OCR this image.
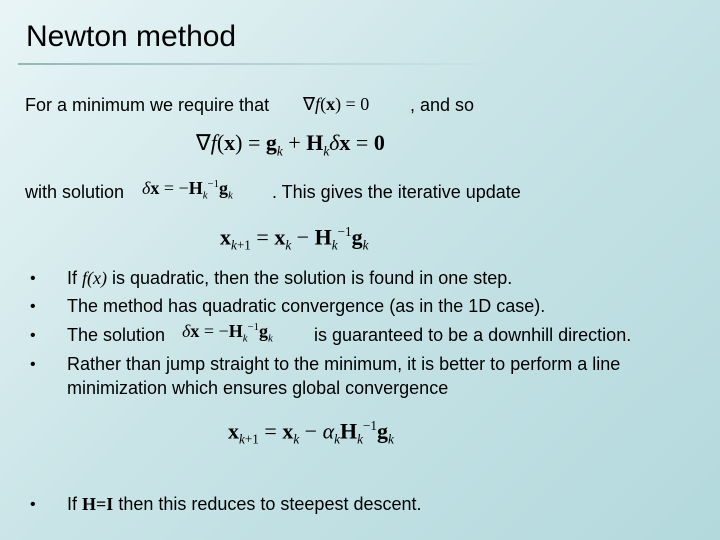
Newton method
For a minimum we require that ∇f(x) = 0 , and so
$\nabla f(x) = g_k + H_k\delta x = 0$
with solution $\delta x = -H_k^{-1}g_k$ . This gives the iterative update
$x_{k+1} = x_k - H_k^{-1}g_k$
• If f(x) is quadratic, then the solution is found in one step.
• The method has quadratic convergence (as in the 1D case).
• The solution $\delta x = -H_k^{-1}g_k$ is guaranteed to be a downhill direction.
• Rather than jump straight to the minimum, it is better to perform a line
minimization which ensures global convergence
$x_{k+1} = x_k - \alpha_kH_k^{-1}g_k$
• If H=I then this reduces to steepest descent.
